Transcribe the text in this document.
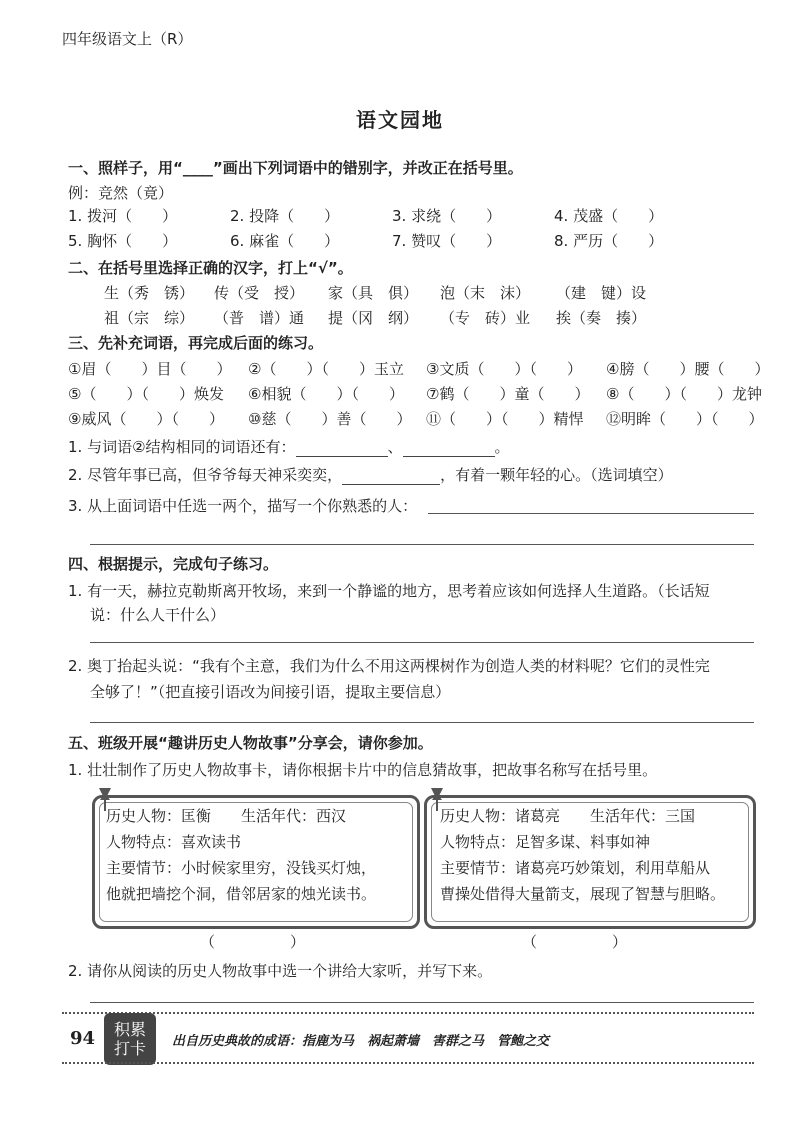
四年级语文上（R）
语文园地
一、照样子，用“____”画出下列词语中的错别字，并改正在括号里。
例：竞然（竟）
1. 拨河（　　）	2. 投降（　　）	3. 求绕（　　）	4. 茂盛（　　）
5. 胸怀（　　）	6. 麻雀（　　）	7. 赞叹（　　）	8. 严历（　　）
二、在括号里选择正确的汉字，打上“√”。
生（秀　锈） 传（受　授） 家（具　俱） 泡（末　沫） （建　键）设
祖（宗　综） （普　谱）通 提（冈　纲） （专　砖）业 挨（奏　揍）
三、先补充词语，再完成后面的练习。
①眉（　　）目（　　） ②（　　）（　　）玉立 ③文质（　　）（　　） ④膀（　　）腰（　　）
⑤（　　）（　　）焕发 ⑥相貌（　　）（　　） ⑦鹤（　　）童（　　） ⑧（　　）（　　）龙钟
⑨威风（　　）（　　） ⑩慈（　　）善（　　） ⑪（　　）（　　）精悍 ⑫明眸（　　）（　　）
1. 与词语②结构相同的词语还有：	、	。
2. 尽管年事已高，但爷爷每天神采奕奕，	，有着一颗年轻的心。（选词填空）
3. 从上面词语中任选一两个，描写一个你熟悉的人：
四、根据提示，完成句子练习。
1. 有一天，赫拉克勒斯离开牧场，来到一个静谧的地方，思考着应该如何选择人生道路。（长话短
说：什么人干什么）
2. 奥丁抬起头说：“我有个主意，我们为什么不用这两棵树作为创造人类的材料呢？它们的灵性完
全够了！”（把直接引语改为间接引语，提取主要信息）
五、班级开展“趣讲历史人物故事”分享会，请你参加。
1. 壮壮制作了历史人物故事卡，请你根据卡片中的信息猜故事，把故事名称写在括号里。
历史人物：匡衡　　生活年代：西汉
人物特点：喜欢读书
主要情节：小时候家里穷，没钱买灯烛，
他就把墙挖个洞，借邻居家的烛光读书。
历史人物：诸葛亮　　生活年代：三国
人物特点：足智多谋、料事如神
主要情节：诸葛亮巧妙策划，利用草船从
曹操处借得大量箭支，展现了智慧与胆略。
（　　　　　）	（　　　　　）
2. 请你从阅读的历史人物故事中选一个讲给大家听，并写下来。
94	积累
打卡	出自历史典故的成语：指鹿为马　祸起萧墙　害群之马　管鲍之交
